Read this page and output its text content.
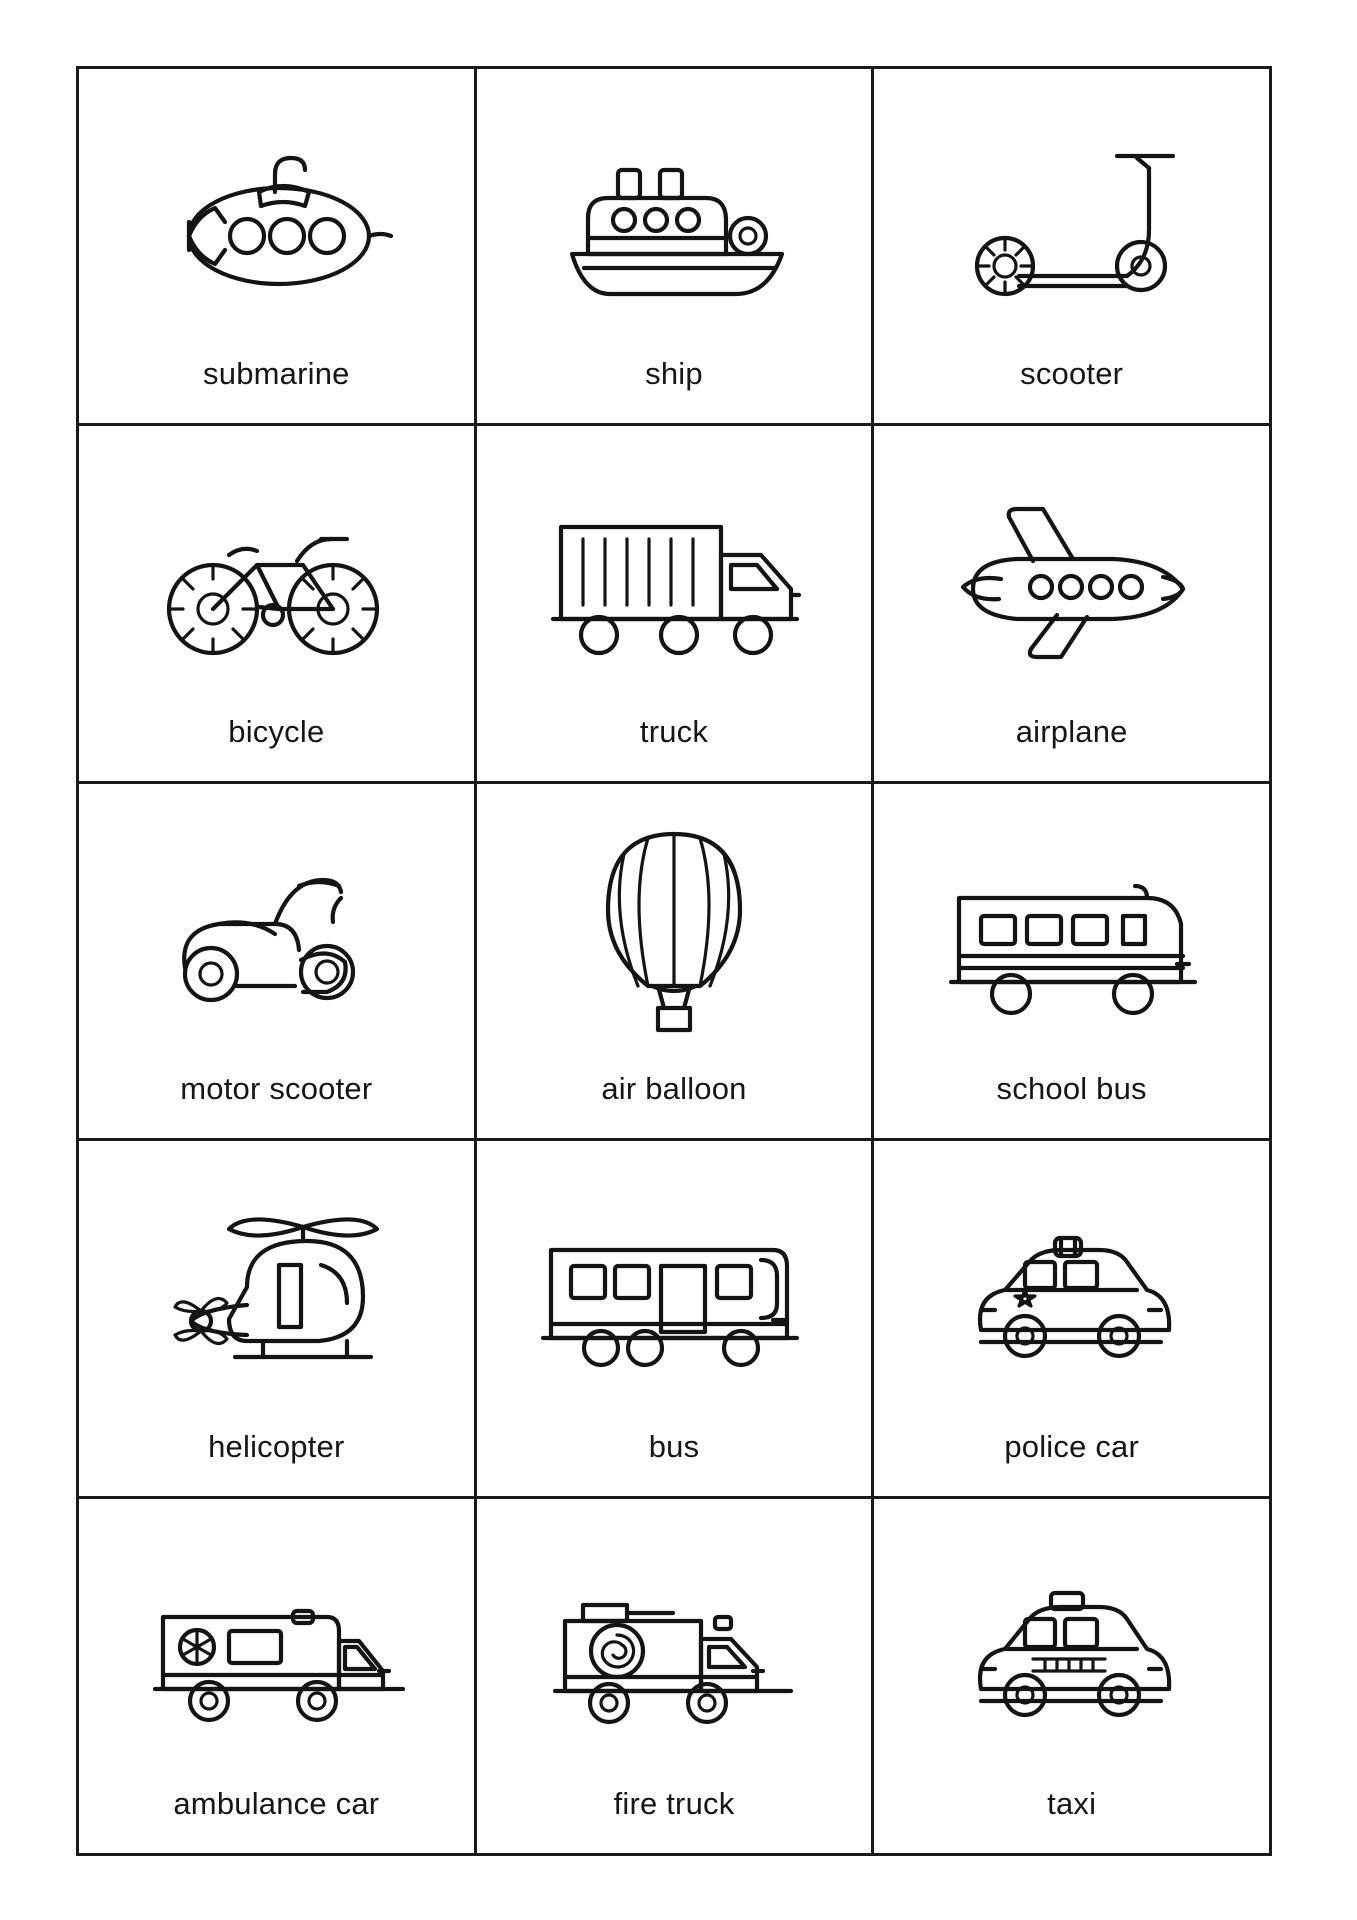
submarine	ship	scooter
bicycle	truck	airplane
motor scooter	air balloon	school bus
helicopter	bus	police car
ambulance car	fire truck	taxi
